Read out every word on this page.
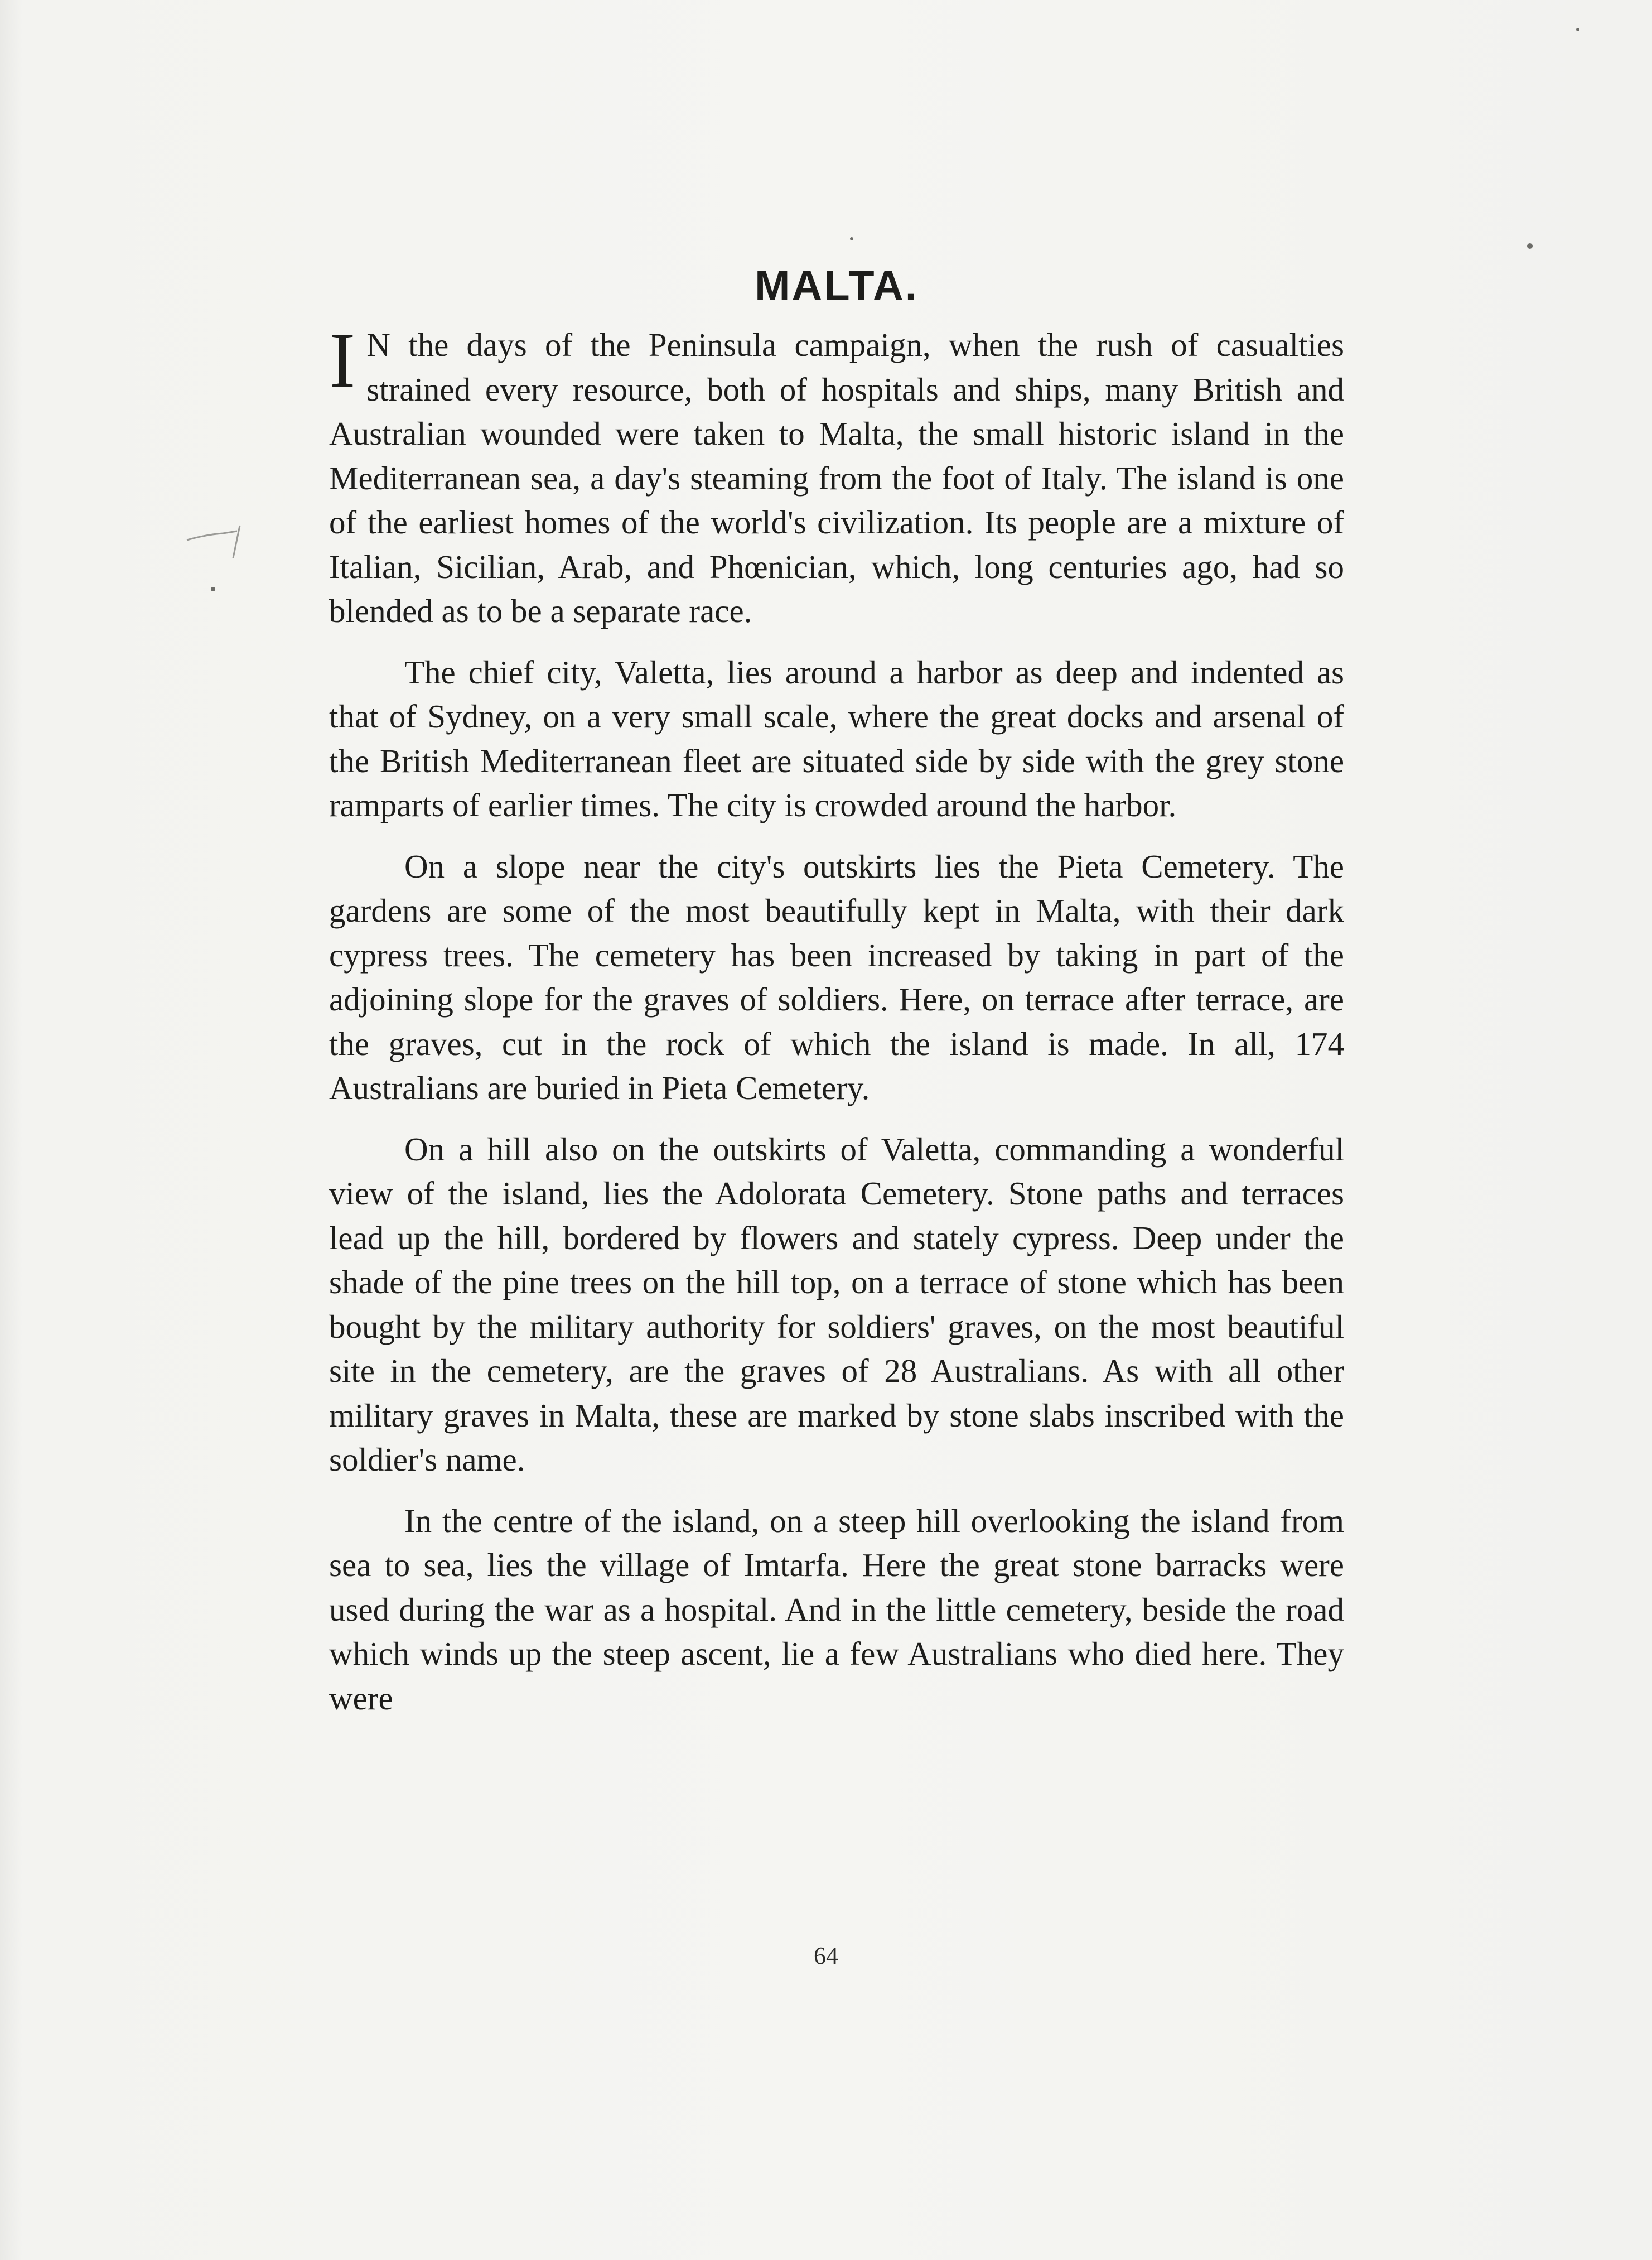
MALTA.

I N the days of the Peninsula campaign, when the rush of casualties strained every resource, both of hospitals and ships, many British and Australian wounded were taken to Malta, the small historic island in the Mediterranean sea, a day's steaming from the foot of Italy. The island is one of the earliest homes of the world's civilization. Its people are a mixture of Italian, Sicilian, Arab, and Phœnician, which, long centuries ago, had so blended as to be a separate race.

The chief city, Valetta, lies around a harbor as deep and indented as that of Sydney, on a very small scale, where the great docks and arsenal of the British Mediterranean fleet are situated side by side with the grey stone ramparts of earlier times. The city is crowded around the harbor.

On a slope near the city's outskirts lies the Pieta Cemetery. The gardens are some of the most beautifully kept in Malta, with their dark cypress trees. The cemetery has been increased by taking in part of the adjoining slope for the graves of soldiers. Here, on terrace after terrace, are the graves, cut in the rock of which the island is made. In all, 174 Australians are buried in Pieta Cemetery.

On a hill also on the outskirts of Valetta, commanding a wonderful view of the island, lies the Adolorata Cemetery. Stone paths and terraces lead up the hill, bordered by flowers and stately cypress. Deep under the shade of the pine trees on the hill top, on a terrace of stone which has been bought by the military authority for soldiers' graves, on the most beautiful site in the cemetery, are the graves of 28 Australians. As with all other military graves in Malta, these are marked by stone slabs inscribed with the soldier's name.

In the centre of the island, on a steep hill overlooking the island from sea to sea, lies the village of Imtarfa. Here the great stone barracks were used during the war as a hospital. And in the little cemetery, beside the road which winds up the steep ascent, lie a few Australians who died here. They were

64
